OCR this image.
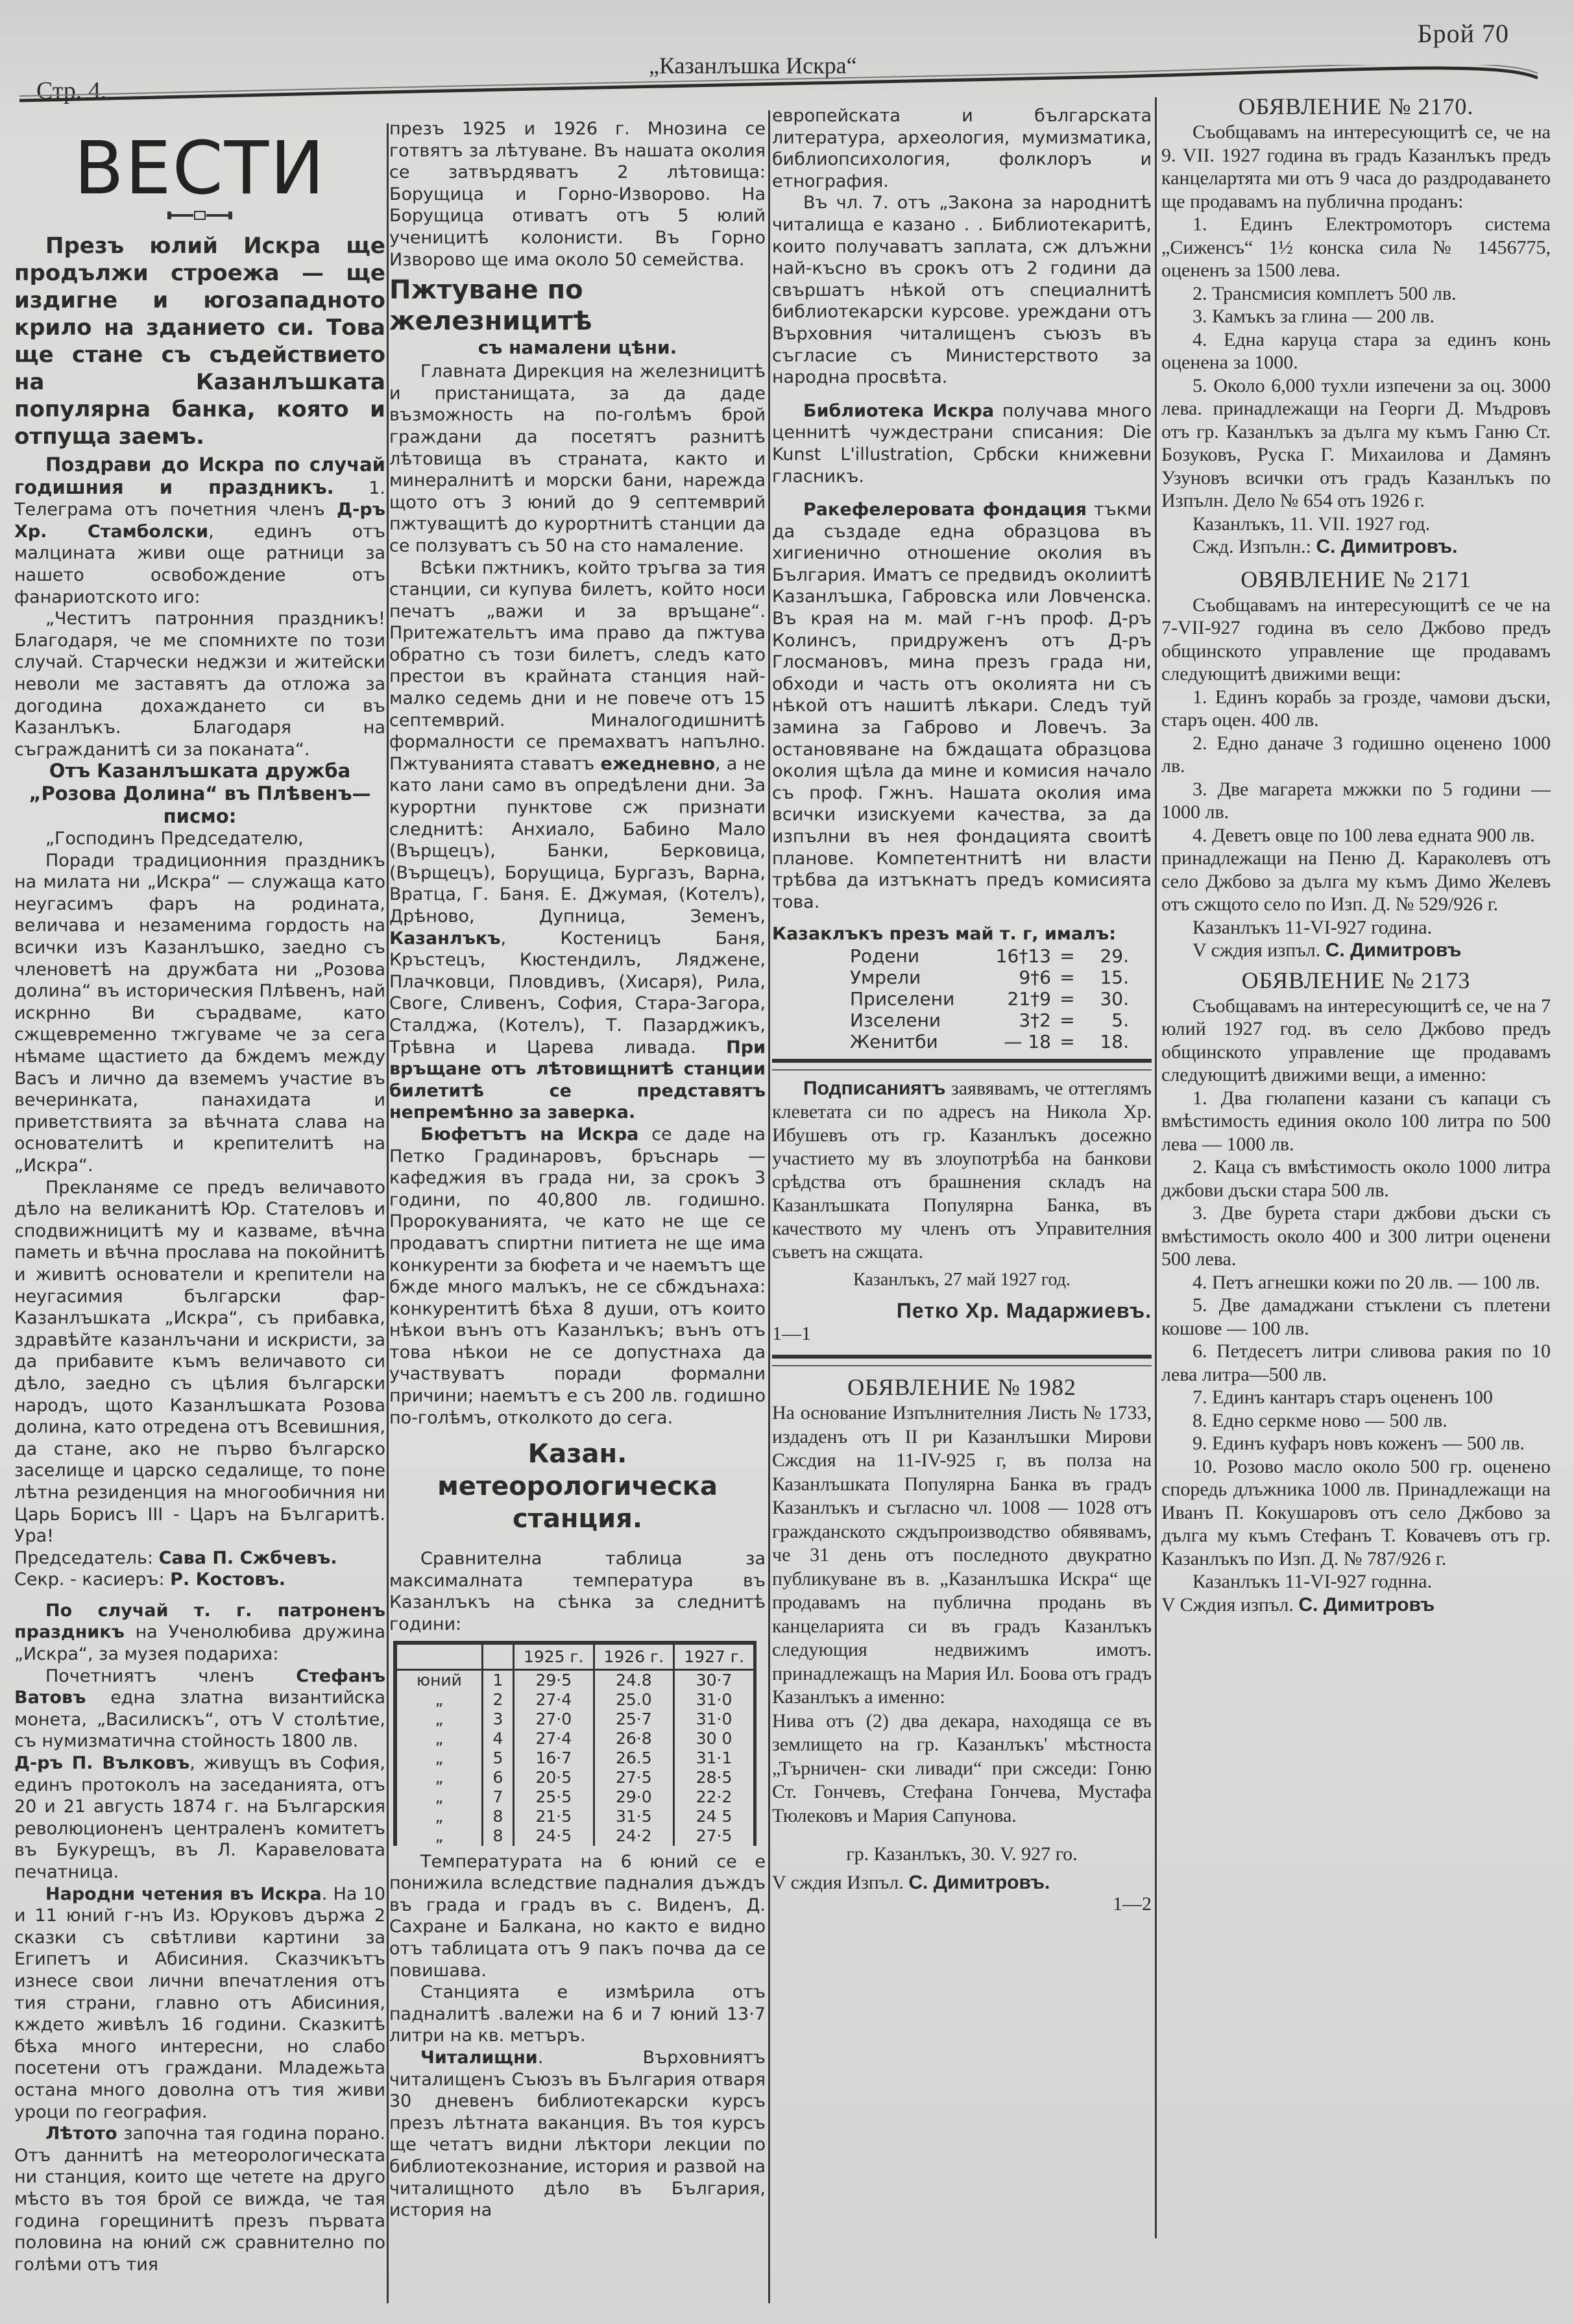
Брой 70
„Казанлъшка Искра“
Стр. 4.
ВЕСТИ

Презъ юлий Искра ще продължи строежа — ще издигне и югозападното крило на зданието си. Това ще стане съ съдействието на Казанлъшката популярна банка, която и отпуща заемъ.

Поздрави до Искра по случай годишния и праздникъ. 1. Телеграма отъ почетния членъ Д-ръ Хр. Стамболски, единъ отъ малцината живи още ратници за нашето освобождение отъ фанариотското иго:

„Честитъ патронния праздникъ! Благодаря, че ме спомнихте по този случай. Старчески неджзи и житейски неволи ме заставятъ да отложа за догодина дохаждането си въ Казанлъкъ. Благодаря на съгражданитѣ си за поканата“.

Отъ Казанлъшката дружба „Розова Долина“ въ Плѣвенъ— писмо:

„Господинъ Председателю,

Поради традиционния праздникъ на милата ни „Искра“ — служаща като неугасимъ фаръ на родината, величава и незаменима гордость на всички изъ Казанлъшко, заедно съ членоветѣ на дружбата ни „Розова долина“ въ историческия Плѣвенъ, най искрнно Ви сърадваме, като сжщевременно тжгуваме че за сега нѣмаме щастието да бждемъ между Васъ и лично да вземемъ участие въ вечеринката, панахидата и приветствията за вѣчната слава на основателитѣ и крепителитѣ на „Искра“.

Прекланяме се предъ величавото дѣло на великанитѣ Юр. Стателовъ и сподвижницитѣ му и казваме, вѣчна паметь и вѣчна прослава на покойнитѣ и живитѣ основатели и крепители на неугасимия български фар-Казанлъшката „Искра“, съ прибавка, здравѣйте казанлъчани и искристи, за да прибавите къмъ величавото си дѣло, заедно съ цѣлия български народъ, щото Казанлъшката Розова долина, като отредена отъ Всевишния, да стане, ако не първо българско заселище и царско седалище, то поне лѣтна резиденция на многообичния ни Царь Борисъ III - Царъ на Българитѣ. Ура!

Председатель: Сава П. Сжбчевъ.

Секр. - касиеръ: Р. Костовъ.

По случай т. г. патроненъ праздникъ на Ученолюбива дружина „Искра“, за музея подариха:

Почетниятъ членъ Стефанъ Ватовъ една златна византийска монета, „Василискъ“, отъ V столѣтие, съ нумизматична стойность 1800 лв.

Д-ръ П. Вълковъ, живущъ въ София, единъ протоколъ на заседанията, отъ 20 и 21 августь 1874 г. на Българския революционенъ централенъ комитетъ въ Букурещъ, въ Л. Каравеловата печатница.

Народни четения въ Искра. На 10 и 11 юний г-нъ Из. Юруковъ държа 2 сказки съ свѣтливи картини за Египетъ и Абисиния. Сказчикътъ изнесе свои лични впечатления отъ тия страни, главно отъ Абисиния, кждето живѣлъ 16 години. Сказкитѣ бѣха много интересни, но слабо посетени отъ граждани. Младежьта остана много доволна отъ тия живи уроци по география.

Лѣтото започна тая година порано. Отъ даннитѣ на метеорологическата ни станция, които ще четете на друго мѣсто въ тоя брой се вижда, че тая година горещинитѣ презъ първата половина на юний сж сравнително по голѣми отъ тия

презъ 1925 и 1926 г. Мнозина се готвятъ за лѣтуване. Въ нашата околия се затвърдяватъ 2 лѣтовища: Борущица и Горно-Изворово. На Борущица отиватъ отъ 5 юлий ученицитѣ колонисти. Въ Горно Изворово ще има около 50 семейства.

Пжтуване по железницитѣ
съ намалени цѣни.

Главната Дирекция на железницитѣ и пристанищата, за да даде възможность на по-голѣмъ брой граждани да посетятъ разнитѣ лѣтовища въ страната, както и минералнитѣ и морски бани, нарежда щото отъ 3 юний до 9 септемврий пжтуващитѣ до курортнитѣ станции да се ползуватъ съ 50 на сто намаление.

Всѣки пжтникъ, който тръгва за тия станции, си купува билетъ, който носи печатъ „важи и за връщане“. Притежательтъ има право да пжтува обратно съ този билетъ, следъ като престои въ крайната станция най-малко седемь дни и не повече отъ 15 септемврий. Миналогодишнитѣ формалности се премахватъ напълно. Пжтуванията ставатъ ежедневно, а не като лани само въ опредѣлени дни. За курортни пунктове сж признати следнитѣ: Анхиало, Бабино Мало (Върщецъ), Банки, Берковица, (Върщецъ), Борущица, Бургазъ, Варна, Вратца, Г. Баня. Е. Джумая, (Котелъ), Дрѣново, Дупница, Земенъ, Казанлъкъ, Костеницъ Баня, Кръстецъ, Кюстендилъ, Ляджене, Плачковци, Пловдивъ, (Хисаря), Рила, Своге, Сливенъ, София, Стара-Загора, Сталджа, (Котелъ), Т. Пазарджикъ, Трѣвна и Царева ливада. При връщане отъ лѣтовищнитѣ станции билетитѣ се представятъ непремѣнно за заверка.

Бюфетътъ на Искра се даде на Петко Градинаровъ, бръснарь — кафеджия въ града ни, за срокъ 3 години, по 40,800 лв. годишно. Пророкуванията, че като не ще се продаватъ спиртни питиета не ще има конкуренти за бюфета и че наемътъ ще бжде много малъкъ, не се сбждънаха: конкурентитѣ бѣха 8 души, отъ които нѣкои вънъ отъ Казанлъкъ; вънъ отъ това нѣкои не се допустнаха да участвуватъ поради формални причини; наемътъ е съ 200 лв. годишно по-голѣмъ, отколкото до сега.

Казан. метеорологическа станция.

Сравнителна таблица за максималната температура въ Казанлъкъ на сѣнка за следнитѣ години:

		1925 г.	1926 г.	1927 г.
юний	1	29·5	24.8	30·7
„	2	27·4	25.0	31·0
„	3	27·0	25·7	31·0
„	4	27·4	26·8	30 0
„	5	16·7	26.5	31·1
„	6	20·5	27·5	28·5
„	7	25·5	29·0	22·2
„	8	21·5	31·5	24 5
„	8	24·5	24·2	27·5

Температурата на 6 юний се е понижила вследствие падналия дъждъ въ града и градъ въ с. Виденъ, Д. Сахране и Балкана, но както е видно отъ таблицата отъ 9 пакъ почва да се повишава.

Станцията е измѣрила отъ падналитѣ .валежи на 6 и 7 юний 13·7 литри на кв. метъръ.

Читалищни. Върховниятъ читалищенъ Съюзъ въ България отваря 30 дневенъ библиотекарски курсъ презъ лѣтната ваканция. Въ тоя курсъ ще четатъ видни лѣктори лекции по библиотекознание, история и развой на читалищното дѣло въ България, история на

европейската и българската литература, археология, мумизматика, библиопсихология, фолклоръ и етнография.

Въ чл. 7. отъ „Закона за народнитѣ читалища е казано . . Библиотекаритѣ, които получаватъ заплата, сж длъжни най-късно въ срокъ отъ 2 години да свършатъ нѣкой отъ специалнитѣ библиотекарски курсове. уреждани отъ Върховния читалищенъ съюзъ въ съгласие съ Министерството за народна просвѣта.

Библиотека Искра получава много ценнитѣ чуждестрани списания: Die Kunst L'illustration, Србски книжевни гласникъ.

Ракефелеровата фондация тъкми да създаде една образцова въ хигиенично отношение околия въ България. Иматъ се предвидъ околиитѣ Казанлъшка, Габровска или Ловченска. Въ края на м. май г-нъ проф. Д-ръ Колинсъ, придруженъ отъ Д-ръ Глосмановъ, мина презъ града ни, обходи и часть отъ околията ни съ нѣкой отъ нашитѣ лѣкари. Следъ туй замина за Габрово и Ловечъ. За остановяване на бждащата образцова околия щѣла да мине и комисия начало съ проф. Гжнъ. Нашата околия има всички изискуеми качества, за да изпълни въ нея фондацията своитѣ планове. Компетентнитѣ ни власти трѣбва да изтъкнатъ предъ комисията това.

Казаклъкъ презъ май т. г, ималъ:

Родени	16†13 =	29.
Умрели	9†6 =	15.
Приселени	21†9 =	30.
Изселени	3†2 =	5.
Женитби	— 18 =	18.

Подписаниятъ заявявамъ, че оттеглямъ клеветата си по адресъ на Никола Хр. Ибушевъ отъ гр. Казанлъкъ досежно участието му въ злоупотрѣба на банкови срѣдства отъ брашнения складъ на Казанлъшката Популярна Банка, въ качеството му членъ отъ Управителния съветъ на сжщата.

Казанлъкъ, 27 май 1927 год.

Петко Хр. Мадаржиевъ.

1—1

ОБЯВЛЕНИЕ № 1982

На основание Изпълнителния Листь № 1733, издаденъ отъ II ри Казанлъшки Мирови Сжсдия на 11-IV-925 г, въ полза на Казанлъшката Популярна Банка въ градъ Казанлъкъ и съгласно чл. 1008 — 1028 отъ гражданското сждъпроизводство обявявамъ, че 31 день отъ последното двукратно публикуване въ в. „Казанлъшка Искра“ ще продавамъ на публична продань въ канцеларията си въ градъ Казанлъкъ следующия недвижимъ имотъ. принадлежащъ на Мария Ил. Боова отъ градъ Казанлъкъ а именно:

Нива отъ (2) два декара, находяща се въ землището на гр. Казанлъкъ' мѣстноста „Търничен- ски ливади“ при сжседи: Гоню Ст. Гончевъ, Стефана Гончева, Мустафа Тюлековъ и Мария Сапунова.

гр. Казанлъкъ, 30. V. 927 го.

V сждия Изпъл. С. Димитровъ.

1—2

ОБЯВЛЕНИЕ № 2170.

Съобщавамъ на интересующитѣ се, че на 9. VII. 1927 година въ градъ Казанлъкъ предъ канцелартята ми отъ 9 часа до раздродаването ще продавамъ на публична проданъ:

1. Единъ Електромоторъ система „Сиженсъ“ 1½ конска сила № 1456775, оцененъ за 1500 лева.

2. Трансмисия комплетъ 500 лв.

3. Камъкъ за глина — 200 лв.

4. Една каруца стара за единъ конь оценена за 1000.

5. Около 6,000 тухли изпечени за оц. 3000 лева. принадлежащи на Георги Д. Мъдровъ отъ гр. Казанлъкъ за дълга му къмъ Ганю Ст. Бозуковъ, Руска Г. Михаилова и Дамянъ Узуновъ всички отъ градъ Казанлъкъ по Изпълн. Дело № 654 отъ 1926 г.

Казанлъкъ, 11. VII. 1927 год.

Сжд. Изпълн.: С. Димитровъ.

ОВЯВЛЕНИЕ № 2171

Съобщавамъ на интересующитѣ се че на 7-VII-927 година въ село Джбово предъ общинското управление ще продавамъ следующитѣ движими вещи:

1. Единъ корабь за грозде, чамови дъски, старъ оцен. 400 лв.

2. Едно даначе 3 годишно оценено 1000 лв.

3. Две магарета мжжки по 5 години — 1000 лв.

4. Деветъ овце по 100 лева едната 900 лв.

принадлежащи на Пеню Д. Караколевъ отъ село Джбово за дълга му къмъ Димо Желевъ отъ сжщото село по Изп. Д. № 529/926 г.

Казанлъкъ 11-VI-927 година.

V сждия изпъл. С. Димитровъ

ОБЯВЛЕНИЕ № 2173

Съобщавамъ на интересующитѣ се, че на 7 юлий 1927 год. въ село Джбово предъ общинското управление ще продавамъ следующитѣ движими вещи, а именно:

1. Два гюлапени казани съ капаци съ вмѣстимость единия около 100 литра по 500 лева — 1000 лв.

2. Каца съ вмѣстимость около 1000 литра джбови дъски стара 500 лв.

3. Две бурета стари джбови дъски съ вмѣстимость около 400 и 300 литри оценени 500 лева.

4. Петъ агнешки кожи по 20 лв. — 100 лв.

5. Две дамаджани стъклени съ плетени кошове — 100 лв.

6. Петдесетъ литри сливова ракия по 10 лева литра—500 лв.

7. Единъ кантаръ старъ оцененъ 100

8. Едно серкме ново — 500 лв.

9. Единъ куфаръ новъ коженъ — 500 лв.

10. Розово масло около 500 гр. оценено споредь длъжника 1000 лв. Принадлежащи на Иванъ П. Кокушаровъ отъ село Джбово за дълга му къмъ Стефанъ Т. Ковачевъ отъ гр. Казанлъкъ по Изп. Д. № 787/926 г.

Казанлъкъ 11-VI-927 годнна.

V Сждия изпъл. С. Димитровъ
